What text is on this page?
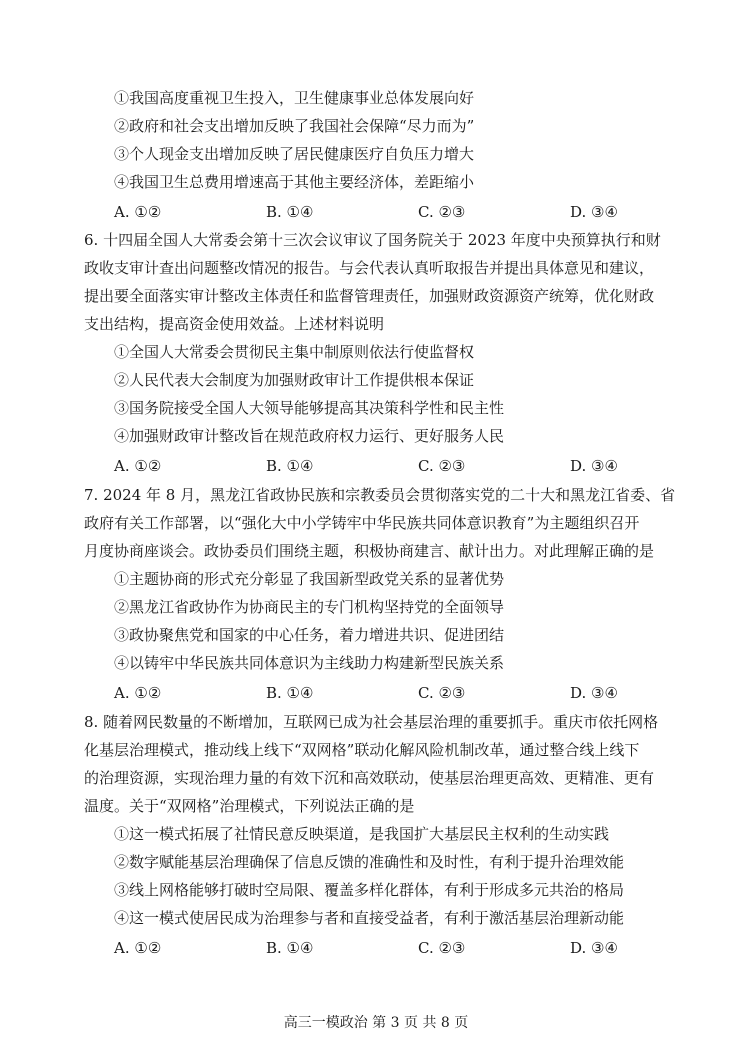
①我国高度重视卫生投入，卫生健康事业总体发展向好
②政府和社会支出增加反映了我国社会保障“尽力而为”
③个人现金支出增加反映了居民健康医疗自负压力增大
④我国卫生总费用增速高于其他主要经济体，差距缩小
A. ①②	B. ①④	C. ②③	D. ③④
6. 十四届全国人大常委会第十三次会议审议了国务院关于 2023 年度中央预算执行和财
政收支审计查出问题整改情况的报告。与会代表认真听取报告并提出具体意见和建议，
提出要全面落实审计整改主体责任和监督管理责任，加强财政资源资产统筹，优化财政
支出结构，提高资金使用效益。上述材料说明
①全国人大常委会贯彻民主集中制原则依法行使监督权
②人民代表大会制度为加强财政审计工作提供根本保证
③国务院接受全国人大领导能够提高其决策科学性和民主性
④加强财政审计整改旨在规范政府权力运行、更好服务人民
A. ①②	B. ①④	C. ②③	D. ③④
7. 2024 年 8 月，黑龙江省政协民族和宗教委员会贯彻落实党的二十大和黑龙江省委、省
政府有关工作部署，以“强化大中小学铸牢中华民族共同体意识教育”为主题组织召开
月度协商座谈会。政协委员们围绕主题，积极协商建言、献计出力。对此理解正确的是
①主题协商的形式充分彰显了我国新型政党关系的显著优势
②黑龙江省政协作为协商民主的专门机构坚持党的全面领导
③政协聚焦党和国家的中心任务，着力增进共识、促进团结
④以铸牢中华民族共同体意识为主线助力构建新型民族关系
A. ①②	B. ①④	C. ②③	D. ③④
8. 随着网民数量的不断增加，互联网已成为社会基层治理的重要抓手。重庆市依托网格
化基层治理模式，推动线上线下“双网格”联动化解风险机制改革，通过整合线上线下
的治理资源，实现治理力量的有效下沉和高效联动，使基层治理更高效、更精准、更有
温度。关于“双网格”治理模式，下列说法正确的是
①这一模式拓展了社情民意反映渠道，是我国扩大基层民主权利的生动实践
②数字赋能基层治理确保了信息反馈的准确性和及时性，有利于提升治理效能
③线上网格能够打破时空局限、覆盖多样化群体，有利于形成多元共治的格局
④这一模式使居民成为治理参与者和直接受益者，有利于激活基层治理新动能
A. ①②	B. ①④	C. ②③	D. ③④
高三一模政治 第 3 页 共 8 页
